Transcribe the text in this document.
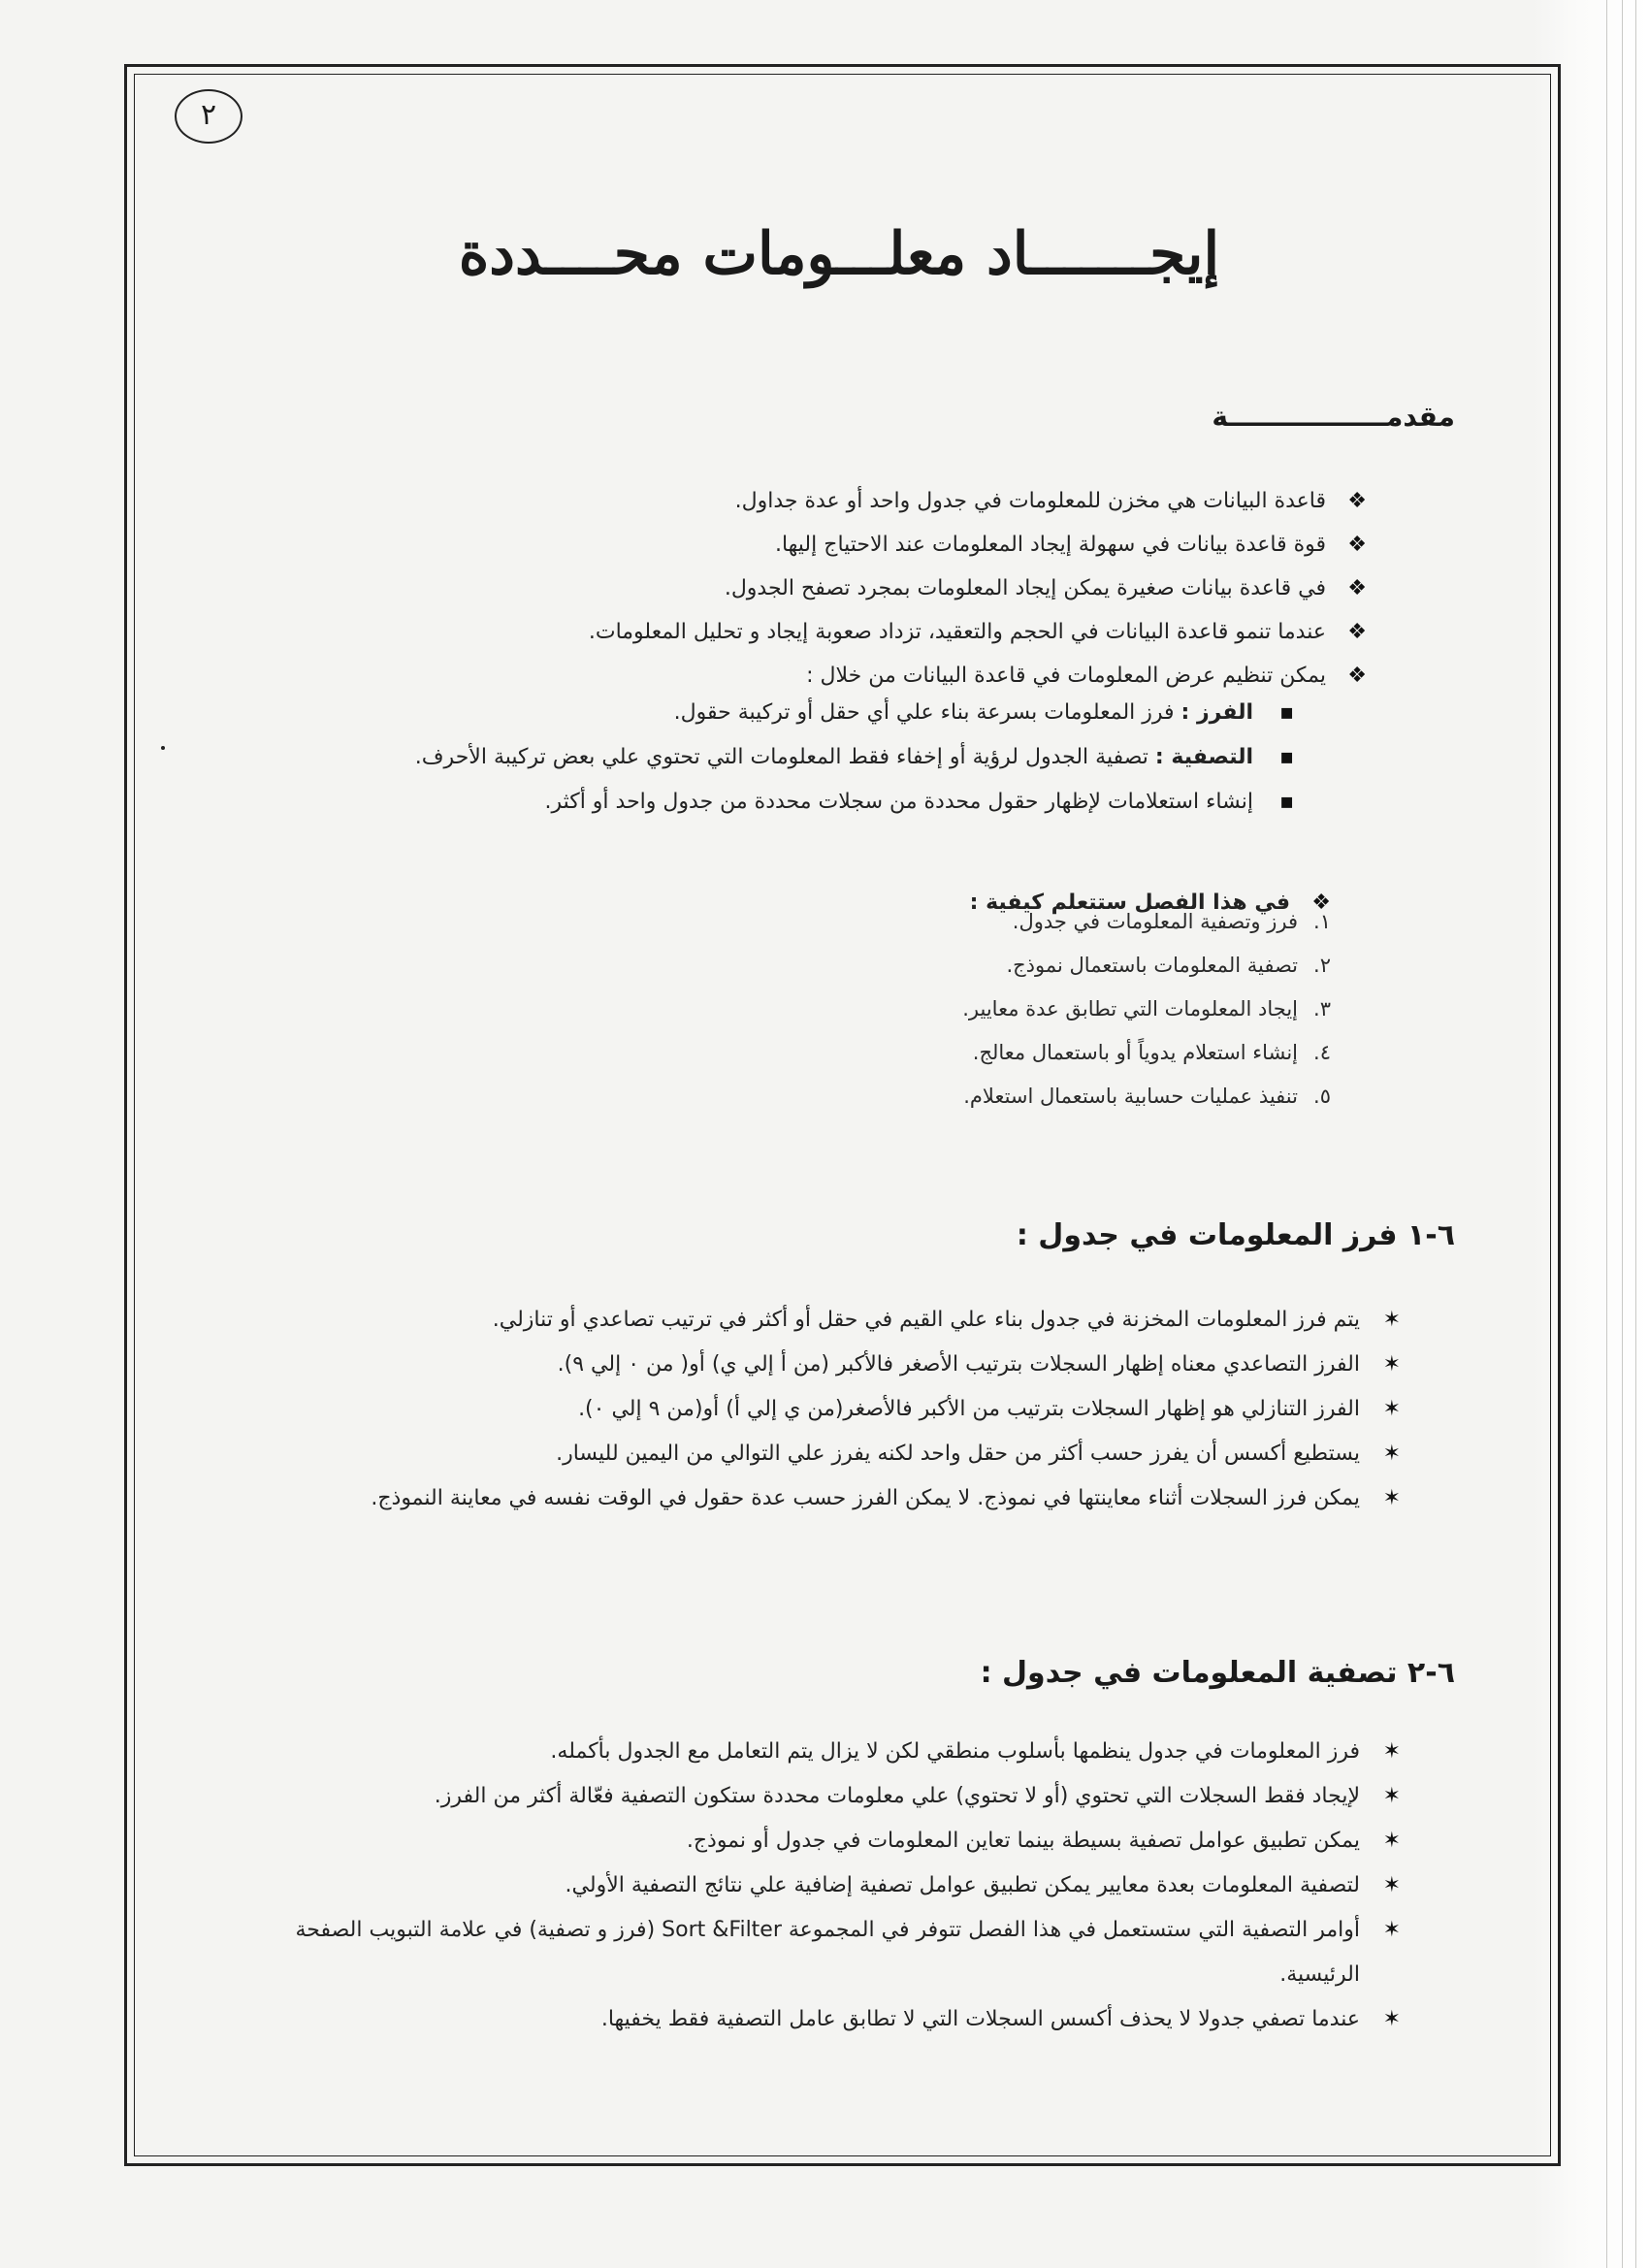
٢
إيجـــــــاد معلـــومات محــــددة
مقدمـــــــــــــــــة
❖
قاعدة البيانات هي مخزن للمعلومات في جدول واحد أو عدة جداول.
❖
قوة قاعدة بيانات في سهولة إيجاد المعلومات عند الاحتياج إليها.
❖
في قاعدة بيانات صغيرة يمكن إيجاد المعلومات بمجرد تصفح الجدول.
❖
عندما تنمو قاعدة البيانات في الحجم والتعقيد، تزداد صعوبة إيجاد و تحليل المعلومات.
❖
يمكن تنظيم عرض المعلومات في قاعدة البيانات من خلال :
▪
الفرز : فرز المعلومات بسرعة بناء علي أي حقل أو تركيبة حقول.
▪
التصفية : تصفية الجدول لرؤية أو إخفاء فقط المعلومات التي تحتوي علي بعض تركيبة الأحرف.
▪
إنشاء استعلامات لإظهار حقول محددة من سجلات محددة من جدول واحد أو أكثر.
❖
في هذا الفصل ستتعلم كيفية :
١.
فرز وتصفية المعلومات في جدول.
٢.
تصفية المعلومات باستعمال نموذج.
٣.
إيجاد المعلومات التي تطابق عدة معايير.
٤.
إنشاء استعلام يدوياً أو باستعمال معالج.
٥.
تنفيذ عمليات حسابية باستعمال استعلام.
٦-١ فرز المعلومات في جدول :
✶
يتم فرز المعلومات المخزنة في جدول بناء علي القيم في حقل أو أكثر في ترتيب تصاعدي أو تنازلي.
✶
الفرز التصاعدي معناه إظهار السجلات بترتيب الأصغر فالأكبر (من أ إلي ي) أو( من ٠ إلي ٩).
✶
الفرز التنازلي هو إظهار السجلات بترتيب من الأكبر فالأصغر(من ي إلي أ) أو(من ٩ إلي ٠).
✶
يستطيع أكسس أن يفرز حسب أكثر من حقل واحد لكنه يفرز علي التوالي من اليمين لليسار.
✶
يمكن فرز السجلات أثناء معاينتها في نموذج. لا يمكن الفرز حسب عدة حقول في الوقت نفسه في معاينة النموذج.
٦-٢ تصفية المعلومات في جدول :
✶
فرز المعلومات في جدول ينظمها بأسلوب منطقي لكن لا يزال يتم التعامل مع الجدول بأكمله.
✶
لإيجاد فقط السجلات التي تحتوي (أو لا تحتوي) علي معلومات محددة ستكون التصفية فعّالة أكثر من الفرز.
✶
يمكن تطبيق عوامل تصفية بسيطة بينما تعاين المعلومات في جدول أو نموذج.
✶
لتصفية المعلومات بعدة معايير يمكن تطبيق عوامل تصفية إضافية علي نتائج التصفية الأولي.
✶
أوامر التصفية التي ستستعمل في هذا الفصل تتوفر في المجموعة Sort &Filter (فرز و تصفية) في علامة التبويب الصفحة الرئيسية.
✶
عندما تصفي جدولا لا يحذف أكسس السجلات التي لا تطابق عامل التصفية فقط يخفيها.
